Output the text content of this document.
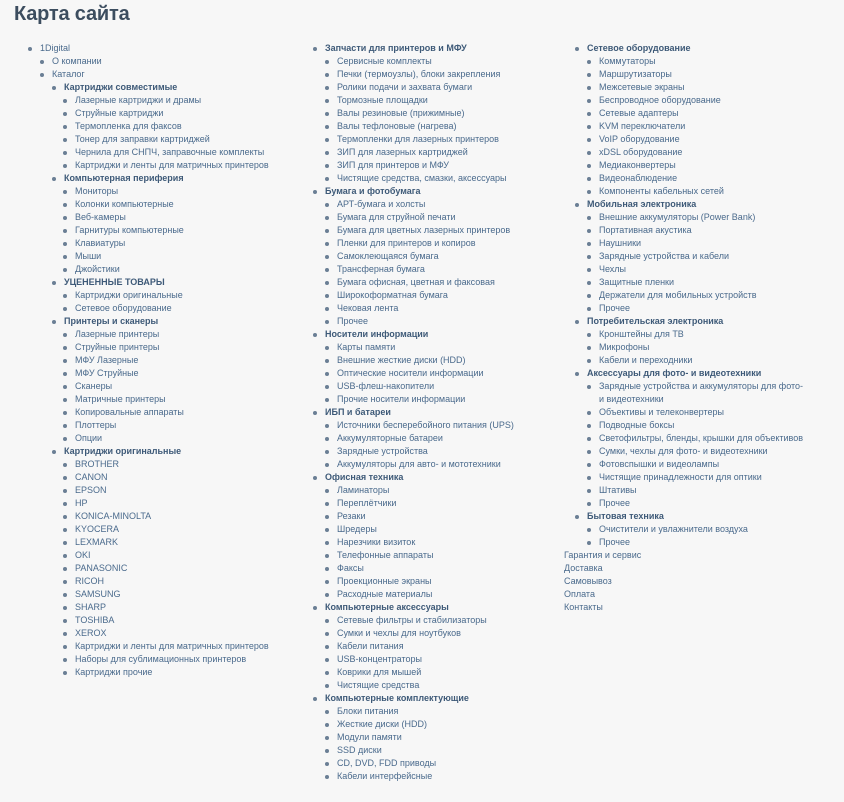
Карта сайта
1Digital
О компании
Каталог
Картриджи совместимые
Лазерные картриджи и драмы
Струйные картриджи
Термопленка для факсов
Тонер для заправки картриджей
Чернила для СНПЧ, заправочные комплекты
Картриджи и ленты для матричных принтеров
Компьютерная периферия
Мониторы
Колонки компьютерные
Веб-камеры
Гарнитуры компьютерные
Клавиатуры
Мыши
Джойстики
УЦЕНЕННЫЕ ТОВАРЫ
Картриджи оригинальные
Сетевое оборудование
Принтеры и сканеры
Лазерные принтеры
Струйные принтеры
МФУ Лазерные
МФУ Струйные
Сканеры
Матричные принтеры
Копировальные аппараты
Плоттеры
Опции
Картриджи оригинальные
BROTHER
CANON
EPSON
HP
KONICA-MINOLTA
KYOCERA
LEXMARK
OKI
PANASONIC
RICOH
SAMSUNG
SHARP
TOSHIBA
XEROX
Картриджи и ленты для матричных принтеров
Наборы для сублимационных принтеров
Картриджи прочие
Запчасти для принтеров и МФУ
Сервисные комплекты
Печки (термоузлы), блоки закрепления
Ролики подачи и захвата бумаги
Тормозные площадки
Валы резиновые (прижимные)
Валы тефлоновые (нагрева)
Термопленки для лазерных принтеров
ЗИП для лазерных картриджей
ЗИП для принтеров и МФУ
Чистящие средства, смазки, аксессуары
Бумага и фотобумага
АРТ-бумага и холсты
Бумага для струйной печати
Бумага для цветных лазерных принтеров
Пленки для принтеров и копиров
Самоклеющаяся бумага
Трансферная бумага
Бумага офисная, цветная и факсовая
Широкоформатная бумага
Чековая лента
Прочее
Носители информации
Карты памяти
Внешние жесткие диски (HDD)
Оптические носители информации
USB-флеш-накопители
Прочие носители информации
ИБП и батареи
Источники бесперебойного питания (UPS)
Аккумуляторные батареи
Зарядные устройства
Аккумуляторы для авто- и мототехники
Офисная техника
Ламинаторы
Переплётчики
Резаки
Шредеры
Нарезчики визиток
Телефонные аппараты
Факсы
Проекционные экраны
Расходные материалы
Компьютерные аксессуары
Сетевые фильтры и стабилизаторы
Сумки и чехлы для ноутбуков
Кабели питания
USB-концентраторы
Коврики для мышей
Чистящие средства
Компьютерные комплектующие
Блоки питания
Жесткие диски (HDD)
Модули памяти
SSD диски
CD, DVD, FDD приводы
Кабели интерфейсные
Сетевое оборудование
Коммутаторы
Маршрутизаторы
Межсетевые экраны
Беспроводное оборудование
Сетевые адаптеры
KVM переключатели
VoIP оборудование
xDSL оборудование
Медиаконвертеры
Видеонаблюдение
Компоненты кабельных сетей
Мобильная электроника
Внешние аккумуляторы (Power Bank)
Портативная акустика
Наушники
Зарядные устройства и кабели
Чехлы
Защитные пленки
Держатели для мобильных устройств
Прочее
Потребительская электроника
Кронштейны для ТВ
Микрофоны
Кабели и переходники
Аксессуары для фото- и видеотехники
Зарядные устройства и аккумуляторы для фото- и видеотехники
Объективы и телеконвертеры
Подводные боксы
Светофильтры, бленды, крышки для объективов
Сумки, чехлы для фото- и видеотехники
Фотовспышки и видеолампы
Чистящие принадлежности для оптики
Штативы
Прочее
Бытовая техника
Очистители и увлажнители воздуха
Прочее
Гарантия и сервис
Доставка
Самовывоз
Оплата
Контакты
